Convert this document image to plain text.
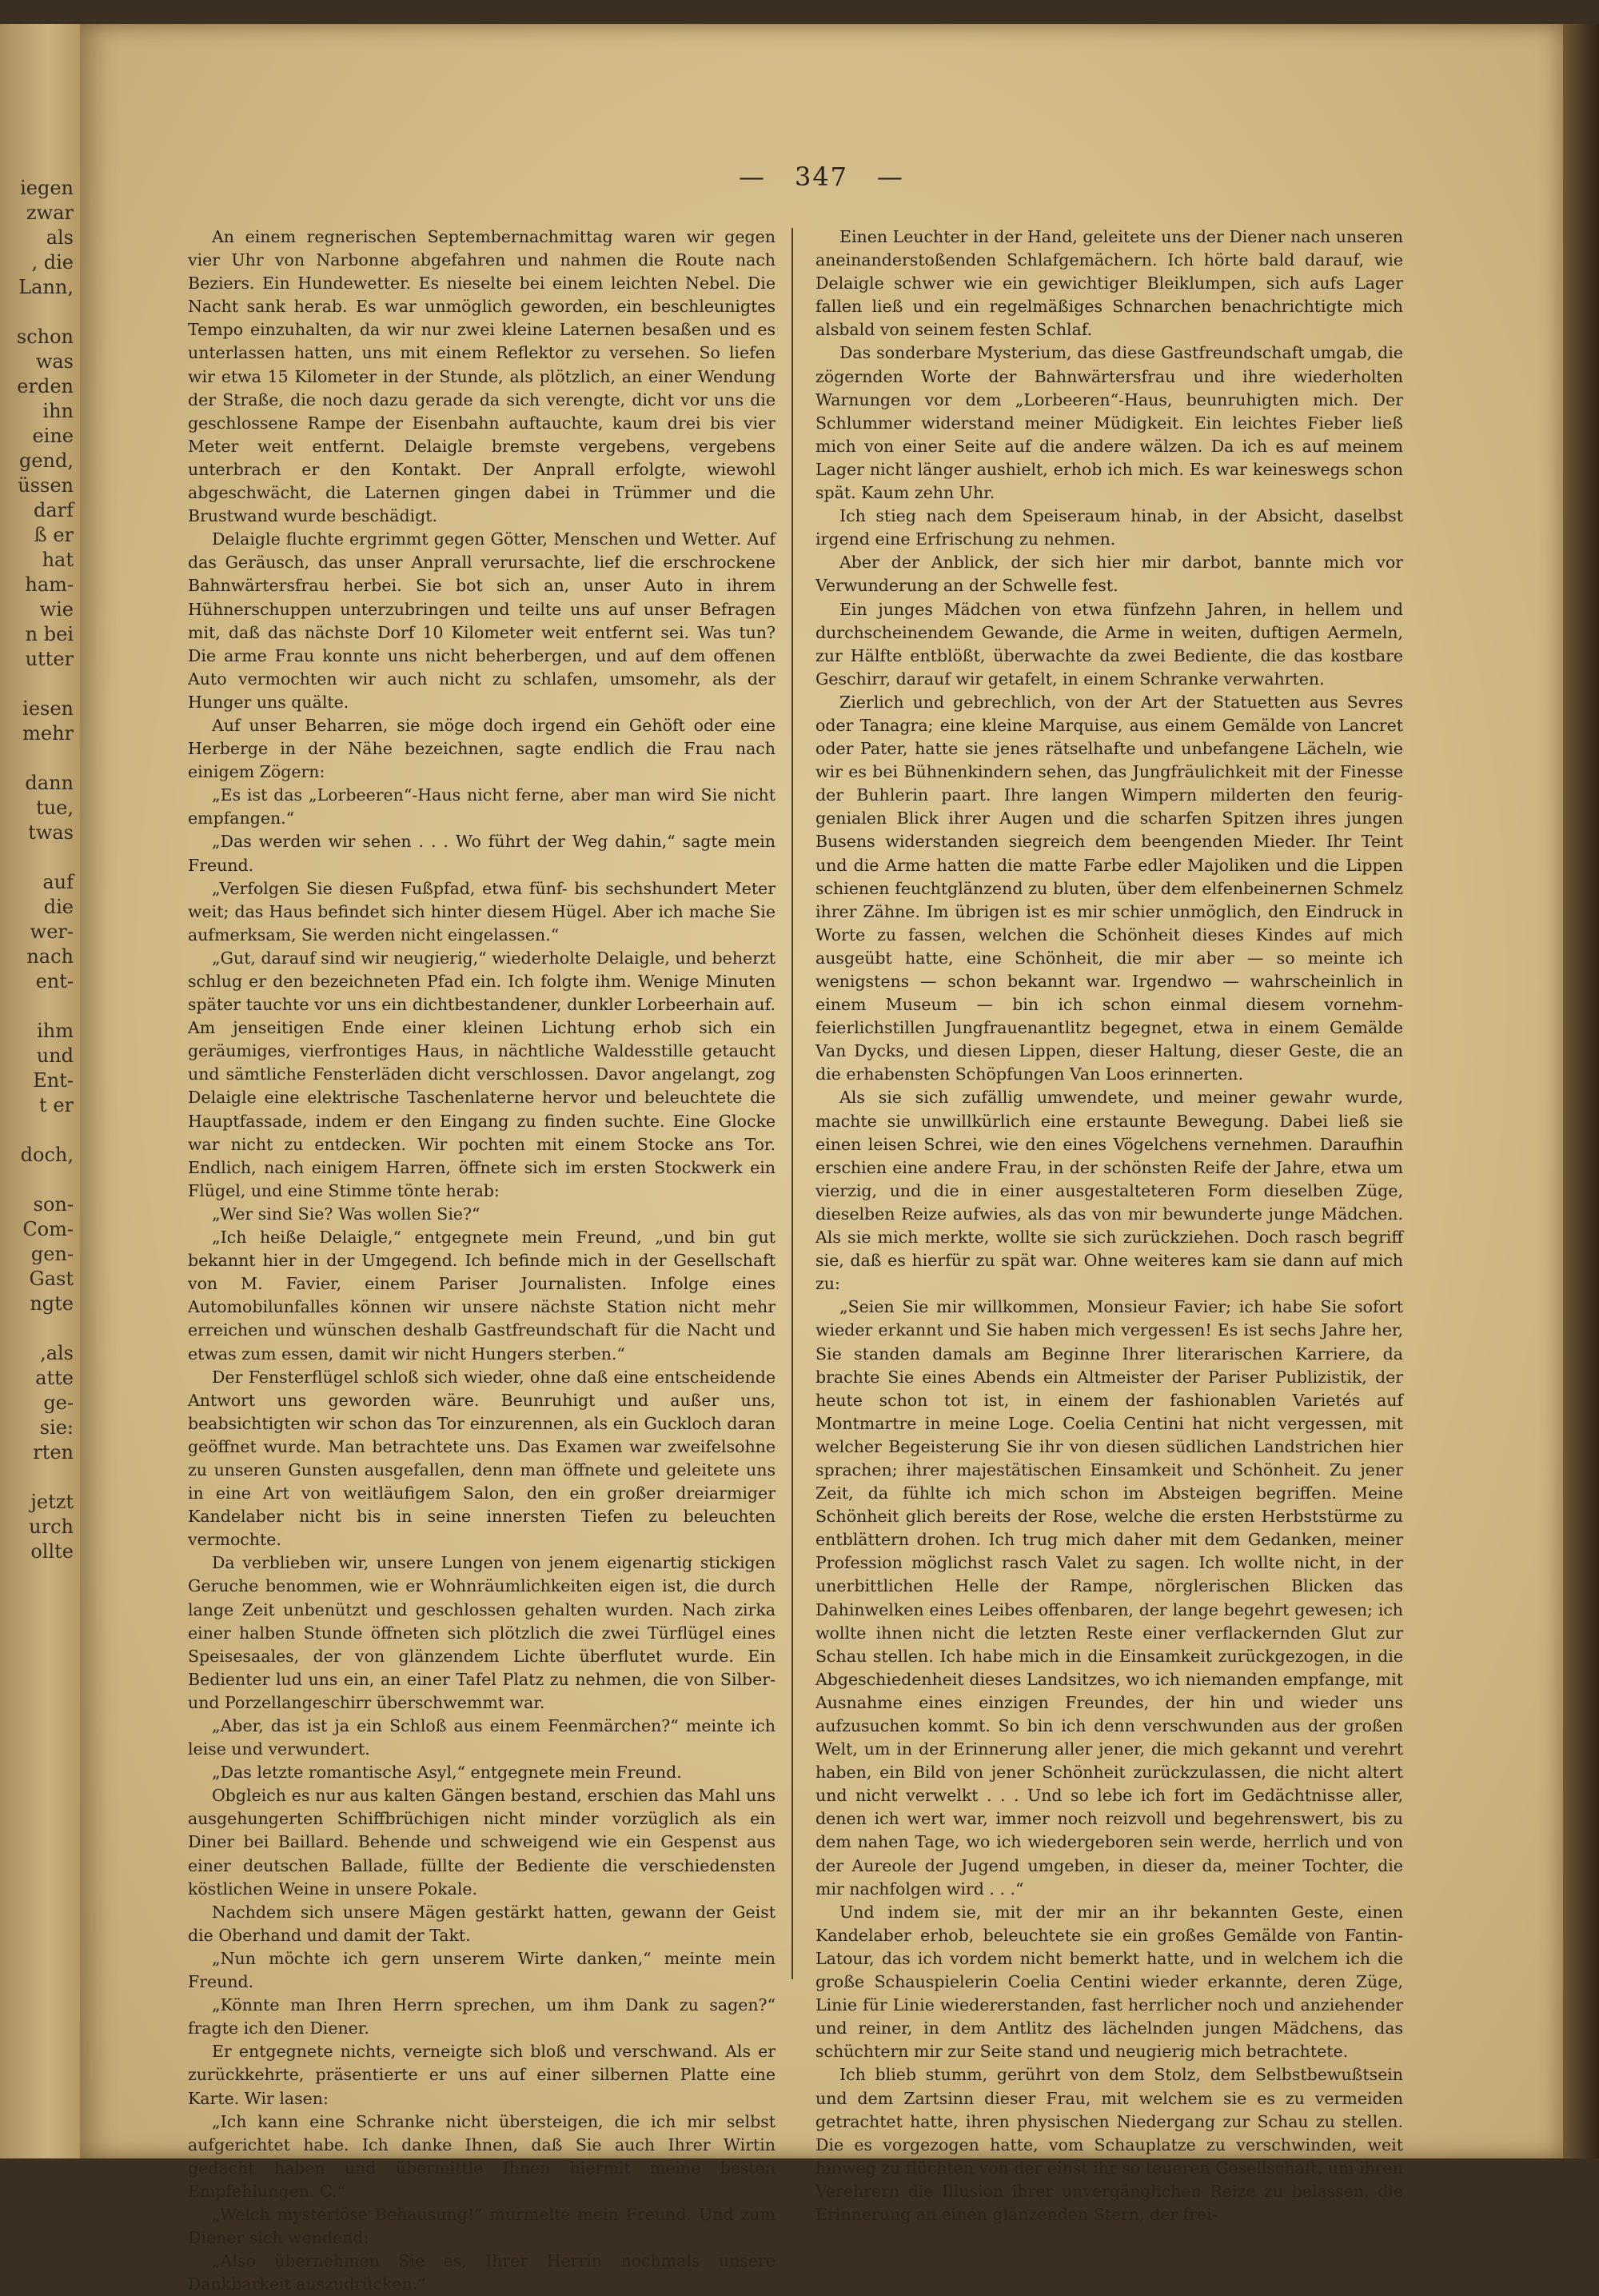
iegen
zwar
als
, die
Lann,
schon
was
erden
ihn
eine
gend,
üssen
darf
ß er
hat
ham-
wie
n bei
utter
iesen
mehr
dann
tue,
twas
auf
die
wer-
nach
ent-
ihm
und
Ent-
t er
doch,
son-
Com-
gen-
Gast
ngte
,als
atte
ge-
sie:
rten
jetzt
urch
ollte
— 347 —

An einem regnerischen Septembernachmittag waren wir gegen vier Uhr von Narbonne abgefahren und nahmen die Route nach Beziers. Ein Hundewetter. Es nieselte bei einem leichten Nebel. Die Nacht sank herab. Es war unmöglich geworden, ein beschleunigtes Tempo einzuhalten, da wir nur zwei kleine Laternen besaßen und es unterlassen hatten, uns mit einem Reflektor zu versehen. So liefen wir etwa 15 Kilometer in der Stunde, als plötzlich, an einer Wendung der Straße, die noch dazu gerade da sich verengte, dicht vor uns die geschlossene Rampe der Eisenbahn auftauchte, kaum drei bis vier Meter weit entfernt. Delaigle bremste vergebens, vergebens unterbrach er den Kontakt. Der Anprall erfolgte, wiewohl abgeschwächt, die Laternen gingen dabei in Trümmer und die Brustwand wurde beschädigt.

Delaigle fluchte ergrimmt gegen Götter, Menschen und Wetter. Auf das Geräusch, das unser Anprall verursachte, lief die erschrockene Bahnwärtersfrau herbei. Sie bot sich an, unser Auto in ihrem Hühnerschuppen unterzubringen und teilte uns auf unser Befragen mit, daß das nächste Dorf 10 Kilometer weit entfernt sei. Was tun? Die arme Frau konnte uns nicht beherbergen, und auf dem offenen Auto vermochten wir auch nicht zu schlafen, umsomehr, als der Hunger uns quälte.

Auf unser Beharren, sie möge doch irgend ein Gehöft oder eine Herberge in der Nähe bezeichnen, sagte endlich die Frau nach einigem Zögern:

„Es ist das „Lorbeeren“-Haus nicht ferne, aber man wird Sie nicht empfangen.“

„Das werden wir sehen . . . Wo führt der Weg dahin,“ sagte mein Freund.

„Verfolgen Sie diesen Fußpfad, etwa fünf- bis sechshundert Meter weit; das Haus befindet sich hinter diesem Hügel. Aber ich mache Sie aufmerksam, Sie werden nicht eingelassen.“

„Gut, darauf sind wir neugierig,“ wiederholte Delaigle, und beherzt schlug er den bezeichneten Pfad ein. Ich folgte ihm. Wenige Minuten später tauchte vor uns ein dichtbestandener, dunkler Lorbeerhain auf. Am jenseitigen Ende einer kleinen Lichtung erhob sich ein geräumiges, vierfrontiges Haus, in nächtliche Waldesstille getaucht und sämtliche Fensterläden dicht verschlossen. Davor angelangt, zog Delaigle eine elektrische Taschenlaterne hervor und beleuchtete die Hauptfassade, indem er den Eingang zu finden suchte. Eine Glocke war nicht zu entdecken. Wir pochten mit einem Stocke ans Tor. Endlich, nach einigem Harren, öffnete sich im ersten Stockwerk ein Flügel, und eine Stimme tönte herab:

„Wer sind Sie? Was wollen Sie?“

„Ich heiße Delaigle,“ entgegnete mein Freund, „und bin gut bekannt hier in der Umgegend. Ich befinde mich in der Gesellschaft von M. Favier, einem Pariser Journalisten. Infolge eines Automobilunfalles können wir unsere nächste Station nicht mehr erreichen und wünschen deshalb Gastfreundschaft für die Nacht und etwas zum essen, damit wir nicht Hungers sterben.“

Der Fensterflügel schloß sich wieder, ohne daß eine entscheidende Antwort uns geworden wäre. Beunruhigt und außer uns, beabsichtigten wir schon das Tor einzurennen, als ein Guckloch daran geöffnet wurde. Man betrachtete uns. Das Examen war zweifelsohne zu unseren Gunsten ausgefallen, denn man öffnete und geleitete uns in eine Art von weitläufigem Salon, den ein großer dreiarmiger Kandelaber nicht bis in seine innersten Tiefen zu beleuchten vermochte.

Da verblieben wir, unsere Lungen von jenem eigenartig stickigen Geruche benommen, wie er Wohnräumlichkeiten eigen ist, die durch lange Zeit unbenützt und geschlossen gehalten wurden. Nach zirka einer halben Stunde öffneten sich plötzlich die zwei Türflügel eines Speisesaales, der von glänzendem Lichte überflutet wurde. Ein Bedienter lud uns ein, an einer Tafel Platz zu nehmen, die von Silber- und Porzellangeschirr überschwemmt war.

„Aber, das ist ja ein Schloß aus einem Feenmärchen?“ meinte ich leise und verwundert.

„Das letzte romantische Asyl,“ entgegnete mein Freund.

Obgleich es nur aus kalten Gängen bestand, erschien das Mahl uns ausgehungerten Schiffbrüchigen nicht minder vorzüglich als ein Diner bei Baillard. Behende und schweigend wie ein Gespenst aus einer deutschen Ballade, füllte der Bediente die verschiedensten köstlichen Weine in unsere Pokale.

Nachdem sich unsere Mägen gestärkt hatten, gewann der Geist die Oberhand und damit der Takt.

„Nun möchte ich gern unserem Wirte danken,“ meinte mein Freund.

„Könnte man Ihren Herrn sprechen, um ihm Dank zu sagen?“ fragte ich den Diener.

Er entgegnete nichts, verneigte sich bloß und verschwand. Als er zurückkehrte, präsentierte er uns auf einer silbernen Platte eine Karte. Wir lasen:

„Ich kann eine Schranke nicht übersteigen, die ich mir selbst aufgerichtet habe. Ich danke Ihnen, daß Sie auch Ihrer Wirtin gedacht haben und übermittle Ihnen hiermit meine besten Empfehlungen. C.“

„Welch mysteriöse Behausung!“ murmelte mein Freund. Und zum Diener sich wendend:

„Also übernehmen Sie es, Ihrer Herrin nochmals unsere Dankbarkeit auszudrücken.“

Einen Leuchter in der Hand, geleitete uns der Diener nach unseren aneinanderstoßenden Schlafgemächern. Ich hörte bald darauf, wie Delaigle schwer wie ein gewichtiger Bleiklumpen, sich aufs Lager fallen ließ und ein regelmäßiges Schnarchen benachrichtigte mich alsbald von seinem festen Schlaf.

Das sonderbare Mysterium, das diese Gastfreundschaft umgab, die zögernden Worte der Bahnwärtersfrau und ihre wiederholten Warnungen vor dem „Lorbeeren“-Haus, beunruhigten mich. Der Schlummer widerstand meiner Müdigkeit. Ein leichtes Fieber ließ mich von einer Seite auf die andere wälzen. Da ich es auf meinem Lager nicht länger aushielt, erhob ich mich. Es war keineswegs schon spät. Kaum zehn Uhr.

Ich stieg nach dem Speiseraum hinab, in der Absicht, daselbst irgend eine Erfrischung zu nehmen.

Aber der Anblick, der sich hier mir darbot, bannte mich vor Verwunderung an der Schwelle fest.

Ein junges Mädchen von etwa fünfzehn Jahren, in hellem und durchscheinendem Gewande, die Arme in weiten, duftigen Aermeln, zur Hälfte entblößt, überwachte da zwei Bediente, die das kostbare Geschirr, darauf wir getafelt, in einem Schranke verwahrten.

Zierlich und gebrechlich, von der Art der Statuetten aus Sevres oder Tanagra; eine kleine Marquise, aus einem Gemälde von Lancret oder Pater, hatte sie jenes rätselhafte und unbefangene Lächeln, wie wir es bei Bühnenkindern sehen, das Jungfräulichkeit mit der Finesse der Buhlerin paart. Ihre langen Wimpern milderten den feurig-genialen Blick ihrer Augen und die scharfen Spitzen ihres jungen Busens widerstanden siegreich dem beengenden Mieder. Ihr Teint und die Arme hatten die matte Farbe edler Majoliken und die Lippen schienen feuchtglänzend zu bluten, über dem elfenbeinernen Schmelz ihrer Zähne. Im übrigen ist es mir schier unmöglich, den Eindruck in Worte zu fassen, welchen die Schönheit dieses Kindes auf mich ausgeübt hatte, eine Schönheit, die mir aber — so meinte ich wenigstens — schon bekannt war. Irgendwo — wahrscheinlich in einem Museum — bin ich schon einmal diesem vornehm-feierlichstillen Jungfrauenantlitz begegnet, etwa in einem Gemälde Van Dycks, und diesen Lippen, dieser Haltung, dieser Geste, die an die erhabensten Schöpfungen Van Loos erinnerten.

Als sie sich zufällig umwendete, und meiner gewahr wurde, machte sie unwillkürlich eine erstaunte Bewegung. Dabei ließ sie einen leisen Schrei, wie den eines Vögelchens vernehmen. Daraufhin erschien eine andere Frau, in der schönsten Reife der Jahre, etwa um vierzig, und die in einer ausgestalteteren Form dieselben Züge, dieselben Reize aufwies, als das von mir bewunderte junge Mädchen. Als sie mich merkte, wollte sie sich zurückziehen. Doch rasch begriff sie, daß es hierfür zu spät war. Ohne weiteres kam sie dann auf mich zu:

„Seien Sie mir willkommen, Monsieur Favier; ich habe Sie sofort wieder erkannt und Sie haben mich vergessen! Es ist sechs Jahre her, Sie standen damals am Beginne Ihrer literarischen Karriere, da brachte Sie eines Abends ein Altmeister der Pariser Publizistik, der heute schon tot ist, in einem der fashionablen Varietés auf Montmartre in meine Loge. Coelia Centini hat nicht vergessen, mit welcher Begeisterung Sie ihr von diesen südlichen Landstrichen hier sprachen; ihrer majestätischen Einsamkeit und Schönheit. Zu jener Zeit, da fühlte ich mich schon im Absteigen begriffen. Meine Schönheit glich bereits der Rose, welche die ersten Herbststürme zu entblättern drohen. Ich trug mich daher mit dem Gedanken, meiner Profession möglichst rasch Valet zu sagen. Ich wollte nicht, in der unerbittlichen Helle der Rampe, nörglerischen Blicken das Dahinwelken eines Leibes offenbaren, der lange begehrt gewesen; ich wollte ihnen nicht die letzten Reste einer verflackernden Glut zur Schau stellen. Ich habe mich in die Einsamkeit zurückgezogen, in die Abgeschiedenheit dieses Landsitzes, wo ich niemanden empfange, mit Ausnahme eines einzigen Freundes, der hin und wieder uns aufzusuchen kommt. So bin ich denn verschwunden aus der großen Welt, um in der Erinnerung aller jener, die mich gekannt und verehrt haben, ein Bild von jener Schönheit zurückzulassen, die nicht altert und nicht verwelkt . . . Und so lebe ich fort im Gedächtnisse aller, denen ich wert war, immer noch reizvoll und begehrenswert, bis zu dem nahen Tage, wo ich wiedergeboren sein werde, herrlich und von der Aureole der Jugend umgeben, in dieser da, meiner Tochter, die mir nachfolgen wird . . .“

Und indem sie, mit der mir an ihr bekannten Geste, einen Kandelaber erhob, beleuchtete sie ein großes Gemälde von Fantin-Latour, das ich vordem nicht bemerkt hatte, und in welchem ich die große Schauspielerin Coelia Centini wieder erkannte, deren Züge, Linie für Linie wiedererstanden, fast herrlicher noch und anziehender und reiner, in dem Antlitz des lächelnden jungen Mädchens, das schüchtern mir zur Seite stand und neugierig mich betrachtete.

Ich blieb stumm, gerührt von dem Stolz, dem Selbstbewußtsein und dem Zartsinn dieser Frau, mit welchem sie es zu vermeiden getrachtet hatte, ihren physischen Niedergang zur Schau zu stellen. Die es vorgezogen hatte, vom Schauplatze zu verschwinden, weit hinweg zu flüchten von der einst ihr so teueren Gesellschaft, um ihren Verehrern die Illusion ihrer unvergänglichen Reize zu belassen, die Erinnerung an einen glänzenden Stern, der frei-
